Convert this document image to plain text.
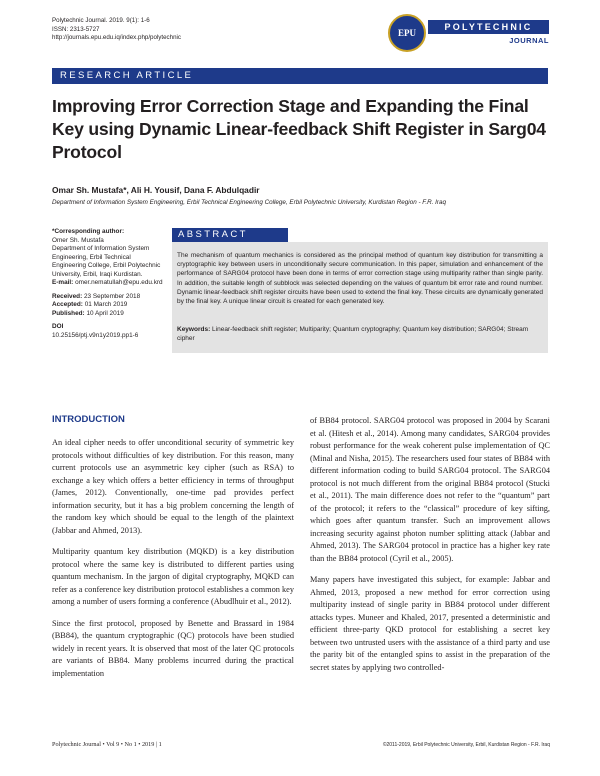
Polytechnic Journal. 2019. 9(1): 1-6
ISSN: 2313-5727
http://journals.epu.edu.iq/index.php/polytechnic	EPU
POLYTECHNIC
JOURNAL
RESEARCH ARTICLE
Improving Error Correction Stage and Expanding the Final Key using Dynamic Linear-feedback Shift Register in Sarg04 Protocol
Omar Sh. Mustafa*, Ali H. Yousif, Dana F. Abdulqadir
Department of Information System Engineering, Erbil Technical Engineering College, Erbil Polytechnic University, Kurdistan Region - F.R. Iraq
*Corresponding author:
Omer Sh. Mustafa
Department of Information System Engineering, Erbil Technical Engineering College, Erbil Polytechnic University, Erbil, Iraqi Kurdistan.
E-mail: omer.nematullah@epu.edu.krd
Received: 23 September 2018
Accepted: 01 March 2019
Published: 10 April 2019
DOI
10.25156/ptj.v9n1y2019.pp1-6
ABSTRACT
The mechanism of quantum mechanics is considered as the principal method of quantum key distribution for transmitting a cryptographic key between users in unconditionally secure communication. In this paper, simulation and enhancement of the performance of SARG04 protocol have been done in terms of error correction stage using multiparity rather than single parity. In addition, the suitable length of subblock was selected depending on the values of quantum bit error rate and round number. Dynamic linear-feedback shift register circuits have been used to extend the final key. These circuits are dynamically generated by the final key. A unique linear circuit is created for each generated key.
Keywords: Linear-feedback shift register; Multiparity; Quantum cryptography; Quantum key distribution; SARG04; Stream cipher
INTRODUCTION

An ideal cipher needs to offer unconditional security of symmetric key protocols without difficulties of key distribution. For this reason, many current protocols use an asymmetric key cipher (such as RSA) to exchange a key which offers a better efficiency in terms of throughput (James, 2012). Conventionally, one-time pad provides perfect information security, but it has a big problem concerning the length of the random key which should be equal to the length of the plaintext (Jabbar and Ahmed, 2013).

Multiparity quantum key distribution (MQKD) is a key distribution protocol where the same key is distributed to different parties using quantum mechanism. In the jargon of digital cryptography, MQKD can refer as a conference key distribution protocol establishes a common key among a number of users forming a conference (Abudlhuir et al., 2012).

Since the first protocol, proposed by Benette and Brassard in 1984 (BB84), the quantum cryptographic (QC) protocols have been studied widely in recent years. It is observed that most of the later QC protocols are variants of BB84. Many problems incurred during the practical implementation

of BB84 protocol. SARG04 protocol was proposed in 2004 by Scarani et al. (Hitesh et al., 2014). Among many candidates, SARG04 provides robust performance for the weak coherent pulse implementation of QC (Minal and Nisha, 2015). The researchers used four states of BB84 with different information coding to build SARG04 protocol. The SARG04 protocol is not much different from the original BB84 protocol (Stucki et al., 2011). The main difference does not refer to the “quantum” part of the protocol; it refers to the “classical” procedure of key sifting, which goes after quantum transfer. Such an improvement allows increasing security against photon number splitting attack (Jabbar and Ahmed, 2013). The SARG04 protocol in practice has a higher key rate than the BB84 protocol (Cyril et al., 2005).

Many papers have investigated this subject, for example: Jabbar and Ahmed, 2013, proposed a new method for error correction using multiparity instead of single parity in BB84 protocol under different attacks types. Muneer and Khaled, 2017, presented a deterministic and efficient three-party QKD protocol for establishing a secret key between two untrusted users with the assistance of a third party and use the parity bit of the entangled spins to assist in the preparation of the secret states by applying two controlled-

Polytechnic Journal • Vol 9 • No 1 • 2019 | 1	©2011-2019, Erbil Polytechnic University, Erbil, Kurdistan Region - F.R. Iraq
